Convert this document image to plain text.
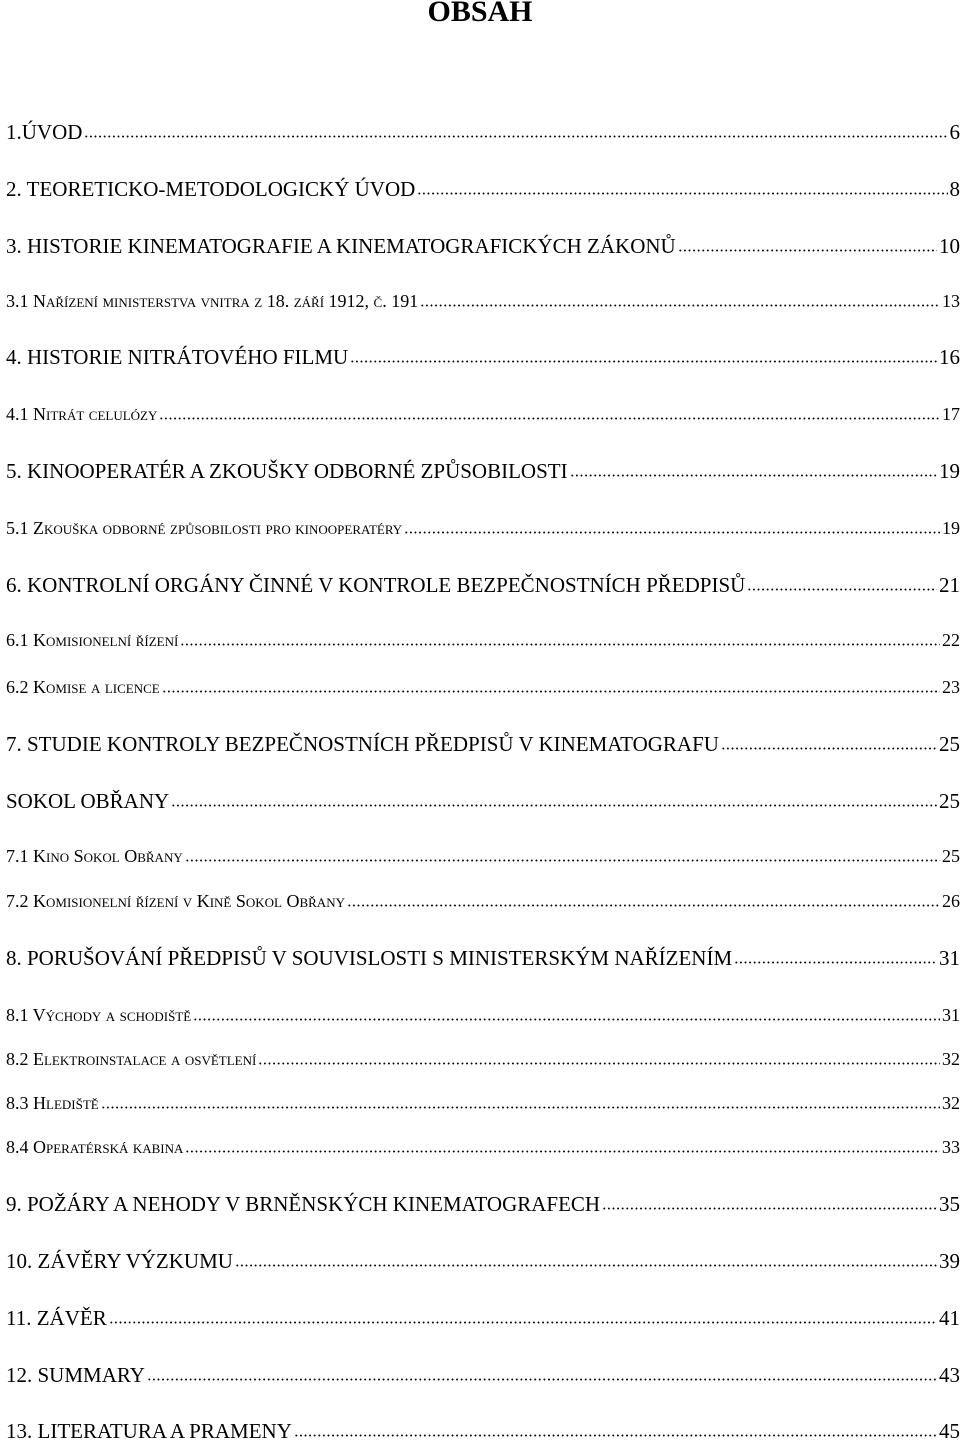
OBSAH
1.ÚVOD	6
2. TEORETICKO-METODOLOGICKÝ ÚVOD	8
3. HISTORIE KINEMATOGRAFIE A KINEMATOGRAFICKÝCH ZÁKONŮ	10
3.1 Nařízení ministerstva vnitra z 18. září 1912, č. 191	13
4. HISTORIE NITRÁTOVÉHO FILMU	16
4.1 Nitrát celulózy	17
5. KINOOPERATÉR A ZKOUŠKY ODBORNÉ ZPŮSOBILOSTI	19
5.1 Zkouška odborné způsobilosti pro kinooperatéry	19
6. KONTROLNÍ ORGÁNY ČINNÉ V KONTROLE BEZPEČNOSTNÍCH PŘEDPISŮ	21
6.1 Komisionelní řízení	22
6.2 Komise a licence	23
7. STUDIE KONTROLY BEZPEČNOSTNÍCH PŘEDPISŮ V KINEMATOGRAFU	25
SOKOL OBŘANY	25
7.1 Kino Sokol Obřany	25
7.2 Komisionelní řízení v Kině Sokol Obřany	26
8. PORUŠOVÁNÍ PŘEDPISŮ V SOUVISLOSTI S MINISTERSKÝM NAŘÍZENÍM	31
8.1 Východy a schodiště	31
8.2 Elektroinstalace a osvětlení	32
8.3 Hlediště	32
8.4 Operatérská kabina	33
9. POŽÁRY A NEHODY V BRNĚNSKÝCH KINEMATOGRAFECH	35
10. ZÁVĚRY VÝZKUMU	39
11. ZÁVĚR	41
12. SUMMARY	43
13. LITERATURA A PRAMENY	45
